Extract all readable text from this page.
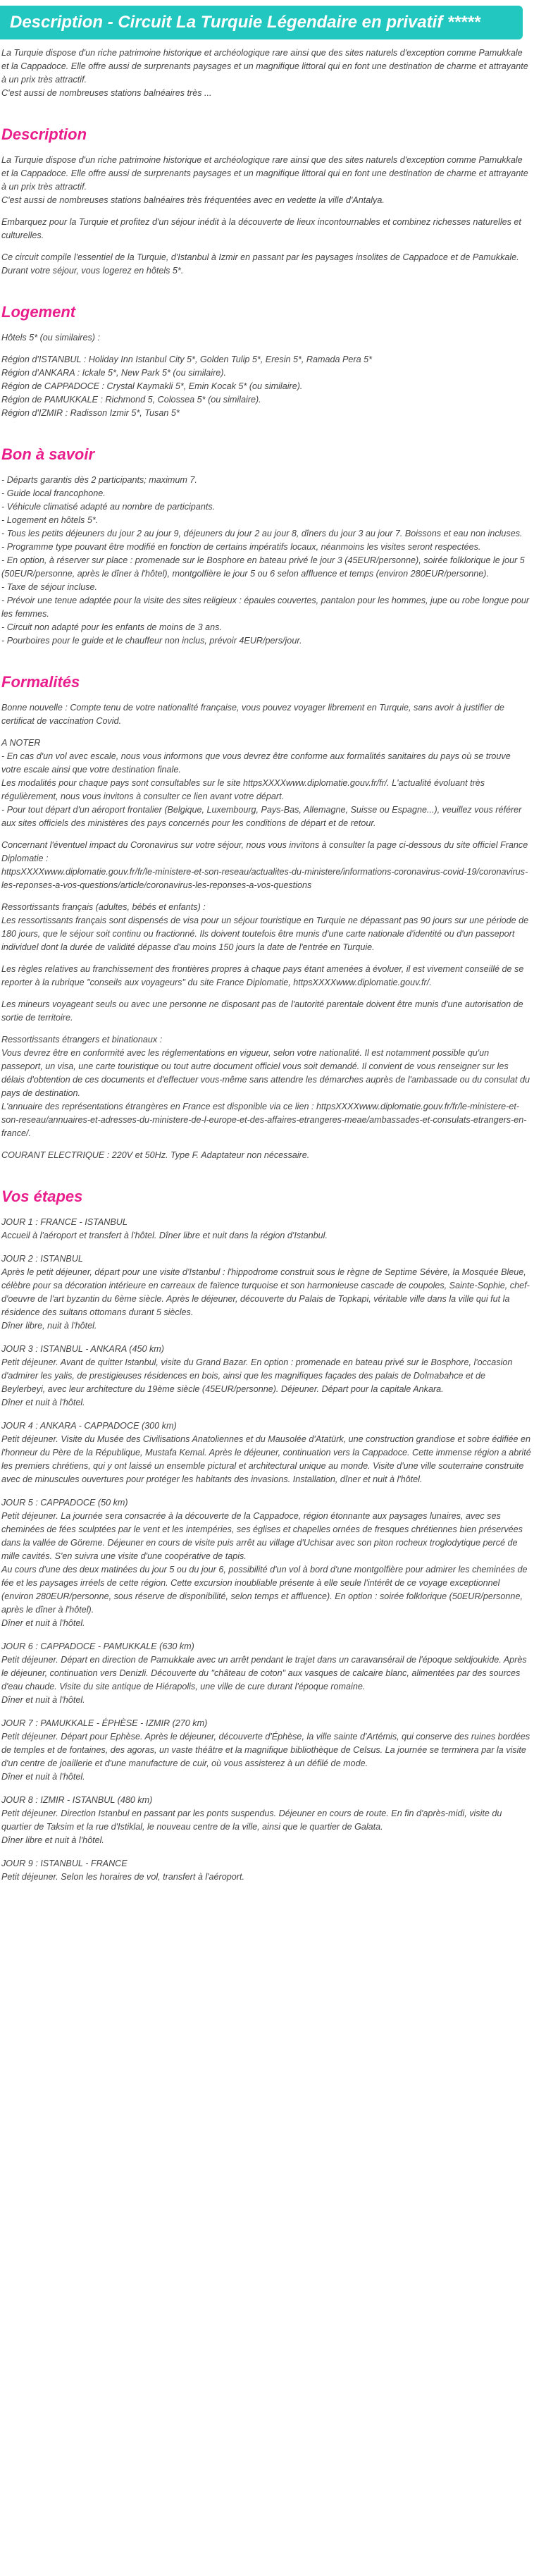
Description - Circuit La Turquie Légendaire en privatif *****

La Turquie dispose d'un riche patrimoine historique et archéologique rare ainsi que des sites naturels d'exception comme Pamukkale et la Cappadoce. Elle offre aussi de surprenants paysages et un magnifique littoral qui en font une destination de charme et attrayante à un prix très attractif.
C'est aussi de nombreuses stations balnéaires très ...

Description

La Turquie dispose d'un riche patrimoine historique et archéologique rare ainsi que des sites naturels d'exception comme Pamukkale et la Cappadoce. Elle offre aussi de surprenants paysages et un magnifique littoral qui en font une destination de charme et attrayante à un prix très attractif.
C'est aussi de nombreuses stations balnéaires très fréquentées avec en vedette la ville d'Antalya.

Embarquez pour la Turquie et profitez d'un séjour inédit à la découverte de lieux incontournables et combinez richesses naturelles et culturelles.

Ce circuit compile l'essentiel de la Turquie, d'Istanbul à Izmir en passant par les paysages insolites de Cappadoce et de Pamukkale. Durant votre séjour, vous logerez en hôtels 5*.

Logement

Hôtels 5* (ou similaires) :

Région d'ISTANBUL : Holiday Inn Istanbul City 5*, Golden Tulip 5*, Eresin 5*, Ramada Pera 5*
Région d'ANKARA : Ickale 5*, New Park 5* (ou similaire).
Région de CAPPADOCE : Crystal Kaymakli 5*, Emin Kocak 5* (ou similaire).
Région de PAMUKKALE : Richmond 5, Colossea 5* (ou similaire).
Région d'IZMIR : Radisson Izmir 5*, Tusan 5*
Bon à savoir
- Départs garantis dès 2 participants; maximum 7.
- Guide local francophone.
- Véhicule climatisé adapté au nombre de participants.
- Logement en hôtels 5*.
- Tous les petits déjeuners du jour 2 au jour 9, déjeuners du jour 2 au jour 8, dîners du jour 3 au jour 7. Boissons et eau non incluses.
- Programme type pouvant être modifié en fonction de certains impératifs locaux, néanmoins les visites seront respectées.
- En option, à réserver sur place : promenade sur le Bosphore en bateau privé le jour 3 (45EUR/personne), soirée folklorique le jour 5 (50EUR/personne, après le dîner à l'hôtel), montgolfière le jour 5 ou 6 selon affluence et temps (environ 280EUR/personne).
- Taxe de séjour incluse.
- Prévoir une tenue adaptée pour la visite des sites religieux : épaules couvertes, pantalon pour les hommes, jupe ou robe longue pour les femmes.
- Circuit non adapté pour les enfants de moins de 3 ans.
- Pourboires pour le guide et le chauffeur non inclus, prévoir 4EUR/pers/jour.
Formalités

Bonne nouvelle : Compte tenu de votre nationalité française, vous pouvez voyager librement en Turquie, sans avoir à justifier de certificat de vaccination Covid.

A NOTER
- En cas d'un vol avec escale, nous vous informons que vous devrez être conforme aux formalités sanitaires du pays où se trouve votre escale ainsi que votre destination finale.
Les modalités pour chaque pays sont consultables sur le site httpsXXXXwww.diplomatie.gouv.fr/fr/. L'actualité évoluant très régulièrement, nous vous invitons à consulter ce lien avant votre départ.
- Pour tout départ d'un aéroport frontalier (Belgique, Luxembourg, Pays-Bas, Allemagne, Suisse ou Espagne...), veuillez vous référer aux sites officiels des ministères des pays concernés pour les conditions de départ et de retour.

Concernant l'éventuel impact du Coronavirus sur votre séjour, nous vous invitons à consulter la page ci-dessous du site officiel France Diplomatie :
httpsXXXXwww.diplomatie.gouv.fr/fr/le-ministere-et-son-reseau/actualites-du-ministere/informations-coronavirus-covid-19/coronavirus-les-reponses-a-vos-questions/article/coronavirus-les-reponses-a-vos-questions

Ressortissants français (adultes, bébés et enfants) :
Les ressortissants français sont dispensés de visa pour un séjour touristique en Turquie ne dépassant pas 90 jours sur une période de 180 jours, que le séjour soit continu ou fractionné. Ils doivent toutefois être munis d'une carte nationale d'identité ou d'un passeport individuel dont la durée de validité dépasse d'au moins 150 jours la date de l'entrée en Turquie.

Les règles relatives au franchissement des frontières propres à chaque pays étant amenées à évoluer, il est vivement conseillé de se reporter à la rubrique "conseils aux voyageurs" du site France Diplomatie, httpsXXXXwww.diplomatie.gouv.fr/.

Les mineurs voyageant seuls ou avec une personne ne disposant pas de l'autorité parentale doivent être munis d'une autorisation de sortie de territoire.

Ressortissants étrangers et binationaux :
Vous devrez être en conformité avec les réglementations en vigueur, selon votre nationalité. Il est notamment possible qu'un passeport, un visa, une carte touristique ou tout autre document officiel vous soit demandé. Il convient de vous renseigner sur les délais d'obtention de ces documents et d'effectuer vous-même sans attendre les démarches auprès de l'ambassade ou du consulat du pays de destination.
L'annuaire des représentations étrangères en France est disponible via ce lien : httpsXXXXwww.diplomatie.gouv.fr/fr/le-ministere-et-son-reseau/annuaires-et-adresses-du-ministere-de-l-europe-et-des-affaires-etrangeres-meae/ambassades-et-consulats-etrangers-en-france/.

COURANT ELECTRIQUE : 220V et 50Hz. Type F. Adaptateur non nécessaire.

Vos étapes
JOUR 1 : FRANCE - ISTANBUL
Accueil à l'aéroport et transfert à l'hôtel. Dîner libre et nuit dans la région d'Istanbul.
JOUR 2 : ISTANBUL
Après le petit déjeuner, départ pour une visite d'Istanbul : l'hippodrome construit sous le règne de Septime Sévère, la Mosquée Bleue, célèbre pour sa décoration intérieure en carreaux de faïence turquoise et son harmonieuse cascade de coupoles, Sainte-Sophie, chef-d'oeuvre de l'art byzantin du 6ème siècle. Après le déjeuner, découverte du Palais de Topkapi, véritable ville dans la ville qui fut la résidence des sultans ottomans durant 5 siècles.
Dîner libre, nuit à l'hôtel.
JOUR 3 : ISTANBUL - ANKARA (450 km)
Petit déjeuner. Avant de quitter Istanbul, visite du Grand Bazar. En option : promenade en bateau privé sur le Bosphore, l'occasion d'admirer les yalis, de prestigieuses résidences en bois, ainsi que les magnifiques façades des palais de Dolmabahce et de Beylerbeyi, avec leur architecture du 19ème siècle (45EUR/personne). Déjeuner. Départ pour la capitale Ankara.
Dîner et nuit à l'hôtel.
JOUR 4 : ANKARA - CAPPADOCE (300 km)
Petit déjeuner. Visite du Musée des Civilisations Anatoliennes et du Mausolée d'Atatürk, une construction grandiose et sobre édifiée en l'honneur du Père de la République, Mustafa Kemal. Après le déjeuner, continuation vers la Cappadoce. Cette immense région a abrité les premiers chrétiens, qui y ont laissé un ensemble pictural et architectural unique au monde. Visite d'une ville souterraine construite avec de minuscules ouvertures pour protéger les habitants des invasions. Installation, dîner et nuit à l'hôtel.
JOUR 5 : CAPPADOCE (50 km)
Petit déjeuner. La journée sera consacrée à la découverte de la Cappadoce, région étonnante aux paysages lunaires, avec ses cheminées de fées sculptées par le vent et les intempéries, ses églises et chapelles ornées de fresques chrétiennes bien préservées dans la vallée de Göreme. Déjeuner en cours de visite puis arrêt au village d'Uchisar avec son piton rocheux troglodytique percé de mille cavités. S'en suivra une visite d'une coopérative de tapis.
Au cours d'une des deux matinées du jour 5 ou du jour 6, possibilité d'un vol à bord d'une montgolfière pour admirer les cheminées de fée et les paysages irréels de cette région. Cette excursion inoubliable présente à elle seule l'intérêt de ce voyage exceptionnel (environ 280EUR/personne, sous réserve de disponibilité, selon temps et affluence). En option : soirée folklorique (50EUR/personne, après le dîner à l'hôtel).
Dîner et nuit à l'hôtel.
JOUR 6 : CAPPADOCE - PAMUKKALE (630 km)
Petit déjeuner. Départ en direction de Pamukkale avec un arrêt pendant le trajet dans un caravansérail de l'époque seldjoukide. Après le déjeuner, continuation vers Denizli. Découverte du "château de coton" aux vasques de calcaire blanc, alimentées par des sources d'eau chaude. Visite du site antique de Hiérapolis, une ville de cure durant l'époque romaine.
Dîner et nuit à l'hôtel.
JOUR 7 : PAMUKKALE - ÉPHÈSE - IZMIR (270 km)
Petit déjeuner. Départ pour Ephèse. Après le déjeuner, découverte d'Éphèse, la ville sainte d'Artémis, qui conserve des ruines bordées de temples et de fontaines, des agoras, un vaste théâtre et la magnifique bibliothèque de Celsus. La journée se terminera par la visite d'un centre de joaillerie et d'une manufacture de cuir, où vous assisterez à un défilé de mode.
Dîner et nuit à l'hôtel.
JOUR 8 : IZMIR - ISTANBUL (480 km)
Petit déjeuner. Direction Istanbul en passant par les ponts suspendus. Déjeuner en cours de route. En fin d'après-midi, visite du quartier de Taksim et la rue d'Istiklal, le nouveau centre de la ville, ainsi que le quartier de Galata.
Dîner libre et nuit à l'hôtel.
JOUR 9 : ISTANBUL - FRANCE
Petit déjeuner. Selon les horaires de vol, transfert à l'aéroport.
